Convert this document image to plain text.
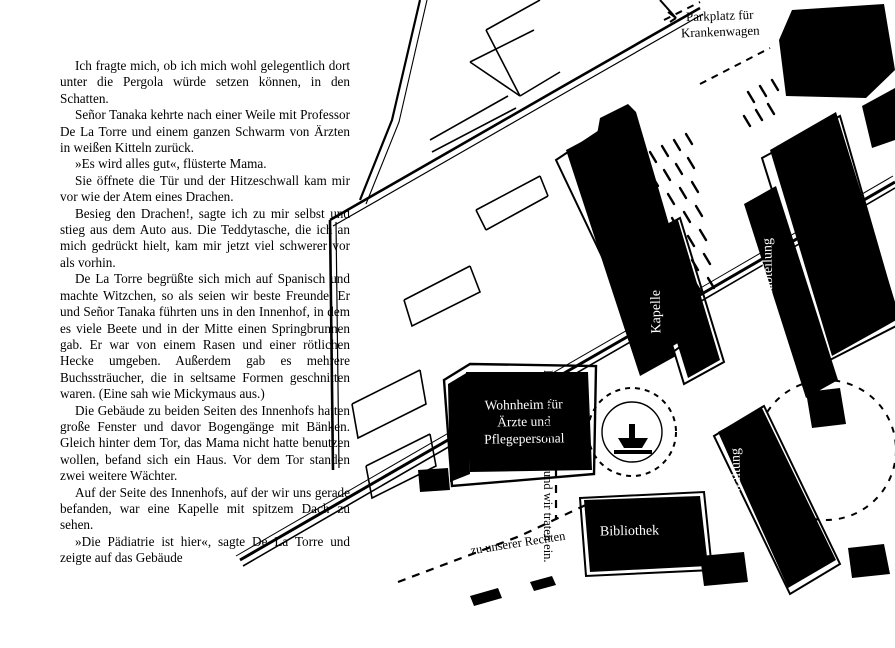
Parkplatz für Krankenwagen
Pädiatrie
Frauenabteilung
Kapelle
Wohnheim für Ärzte und Pflegepersonal
Verwaltung
Bibliothek
Die Tür stand offen und wir traten ein.
zu unserer Rechten

Ich fragte mich, ob ich mich wohl gelegentlich dort unter die Pergola würde setzen können, in den Schatten.

Señor Tanaka kehrte nach einer Weile mit Professor De La Torre und einem ganzen Schwarm von Ärzten in weißen Kitteln zurück.

»Es wird alles gut«, flüsterte Mama.

Sie öffnete die Tür und der Hitzeschwall kam mir vor wie der Atem eines Drachen.

Besieg den Drachen!, sagte ich zu mir selbst und stieg aus dem Auto aus. Die Teddytasche, die ich an mich gedrückt hielt, kam mir jetzt viel schwerer vor als vorhin.

De La Torre begrüßte sich mich auf Spanisch und machte Witzchen, so als seien wir beste Freunde. Er und Señor Tanaka führten uns in den Innenhof, in dem es viele Beete und in der Mitte einen Springbrunnen gab. Er war von einem Rasen und einer rötlichen Hecke umgeben. Außerdem gab es mehrere Buchssträucher, die in seltsame Formen geschnitten waren. (Eine sah wie Mickymaus aus.)

Die Gebäude zu beiden Seiten des Innenhofs hatten große Fenster und davor Bogengänge mit Bänken. Gleich hinter dem Tor, das Mama nicht hatte benutzen wollen, befand sich ein Haus. Vor dem Tor standen zwei weitere Wächter.

Auf der Seite des Innenhofs, auf der wir uns gerade befanden, war eine Kapelle mit spitzem Dach zu sehen.

»Die Pädiatrie ist hier«, sagte De La Torre und zeigte auf das Gebäude
